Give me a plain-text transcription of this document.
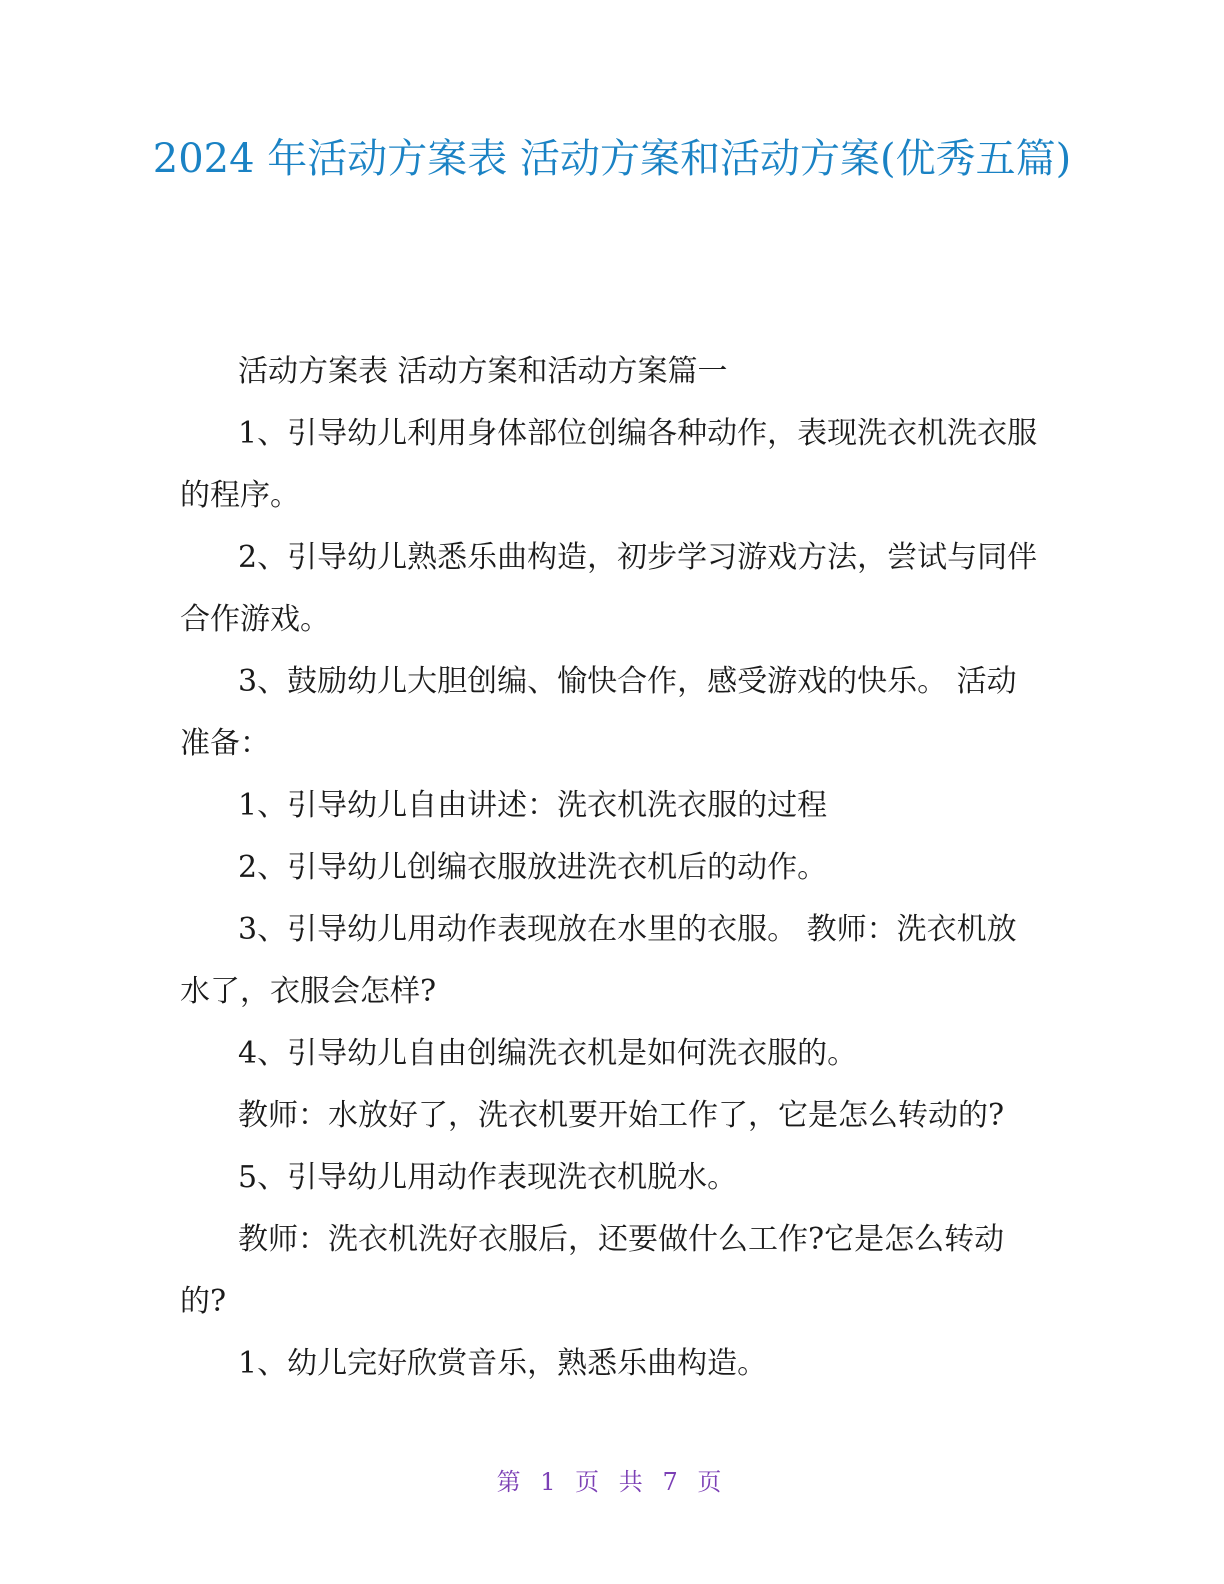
2024 年活动方案表 活动方案和活动方案(优秀五篇)

活动方案表 活动方案和活动方案篇一

1、引导幼儿利用身体部位创编各种动作，表现洗衣机洗衣服的程序。

2、引导幼儿熟悉乐曲构造，初步学习游戏方法，尝试与同伴合作游戏。

3、鼓励幼儿大胆创编、愉快合作，感受游戏的快乐。 活动准备：

1、引导幼儿自由讲述：洗衣机洗衣服的过程

2、引导幼儿创编衣服放进洗衣机后的动作。

3、引导幼儿用动作表现放在水里的衣服。 教师：洗衣机放水了，衣服会怎样?

4、引导幼儿自由创编洗衣机是如何洗衣服的。

教师：水放好了，洗衣机要开始工作了，它是怎么转动的?

5、引导幼儿用动作表现洗衣机脱水。

教师：洗衣机洗好衣服后，还要做什么工作?它是怎么转动的?

1、幼儿完好欣赏音乐，熟悉乐曲构造。

第 1 页 共 7 页
